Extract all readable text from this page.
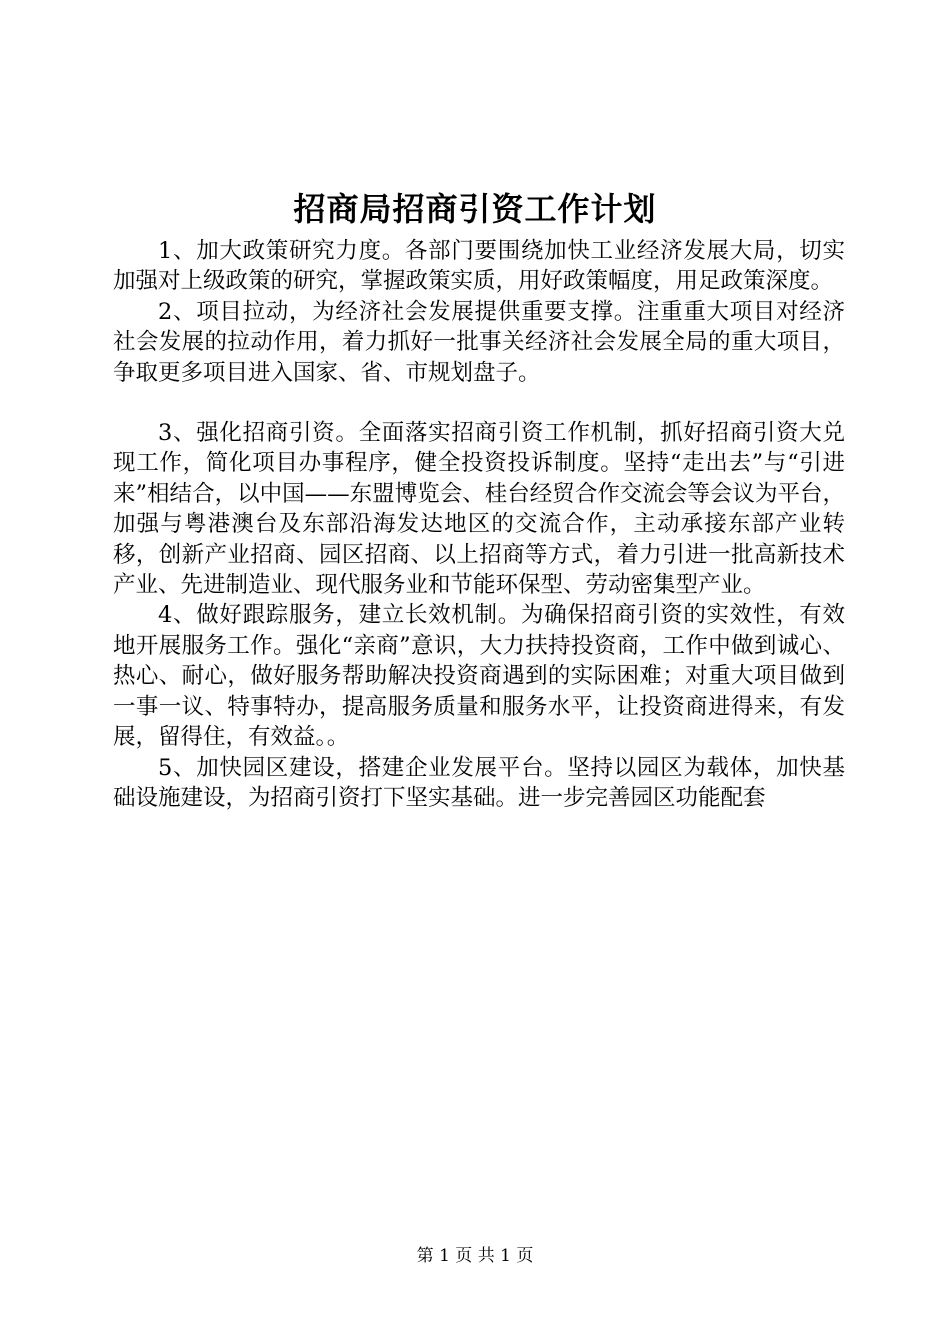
招商局招商引资工作计划

1、加大政策研究力度。各部门要围绕加快工业经济发展大局，切实加强对上级政策的研究，掌握政策实质，用好政策幅度，用足政策深度。

2、项目拉动，为经济社会发展提供重要支撑。注重重大项目对经济社会发展的拉动作用，着力抓好一批事关经济社会发展全局的重大项目，争取更多项目进入国家、省、市规划盘子。

3、强化招商引资。全面落实招商引资工作机制，抓好招商引资大兑现工作，简化项目办事程序，健全投资投诉制度。坚持“走出去”与“引进来”相结合，以中国——东盟博览会、桂台经贸合作交流会等会议为平台，加强与粤港澳台及东部沿海发达地区的交流合作，主动承接东部产业转移，创新产业招商、园区招商、以上招商等方式，着力引进一批高新技术产业、先进制造业、现代服务业和节能环保型、劳动密集型产业。

4、做好跟踪服务，建立长效机制。为确保招商引资的实效性，有效地开展服务工作。强化“亲商”意识，大力扶持投资商，工作中做到诚心、热心、耐心，做好服务帮助解决投资商遇到的实际困难；对重大项目做到一事一议、特事特办，提高服务质量和服务水平，让投资商进得来，有发展，留得住，有效益。。

5、加快园区建设，搭建企业发展平台。坚持以园区为载体，加快基础设施建设，为招商引资打下坚实基础。进一步完善园区功能配套

第 1 页 共 1 页
